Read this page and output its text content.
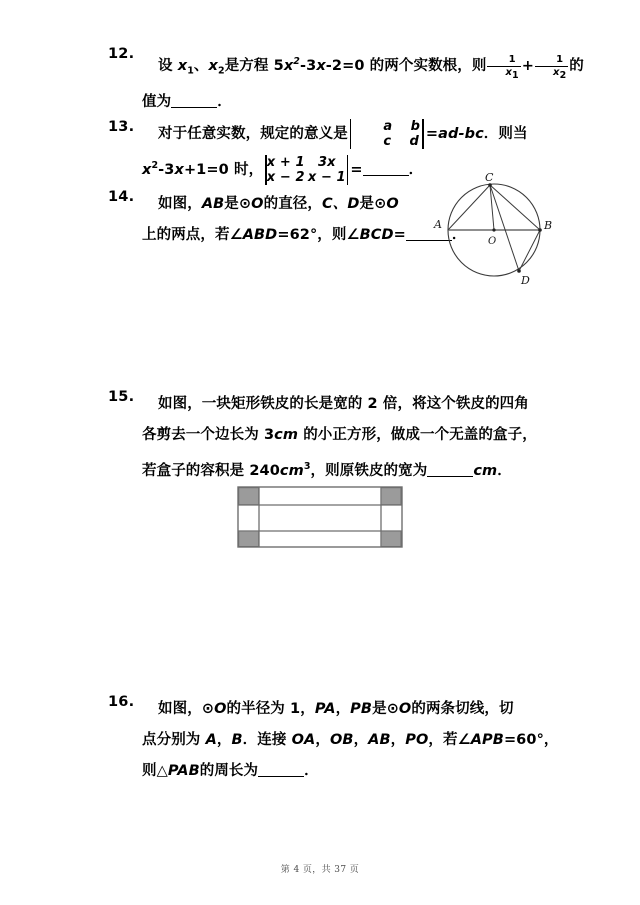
12.
设 $x_1$、$x_2$是方程 $5x^2-3x-2=0$ 的两个实数根，则 $\frac{1}{x1} + \frac{1}{x2}$ 的
值为	．
13.	对于任意实数，规定的意义是	a b
c d =ad-bc．则当
$x^2-3x+1=0$ 时， x + 1 3x
x − 2 x − 1 =	．
14.	如图，AB是⊙O的直径，C、D是⊙O
上的两点，若∠ABD=62°，则∠BCD=	．
C
A	B
O
D
15.	如图，一块矩形铁皮的长是宽的 2 倍，将这个铁皮的四角
各剪去一个边长为 3cm 的小正方形，做成一个无盖的盒子，
若盒子的容积是 $240cm^3$，则原铁皮的宽为	cm．
16.	如图，⊙O的半径为 1，PA，PB是⊙O的两条切线，切
点分别为 A，B．连接 OA，OB，AB，PO，若∠APB=60°，
则△PAB的周长为	．
第 4 页，共 37 页
